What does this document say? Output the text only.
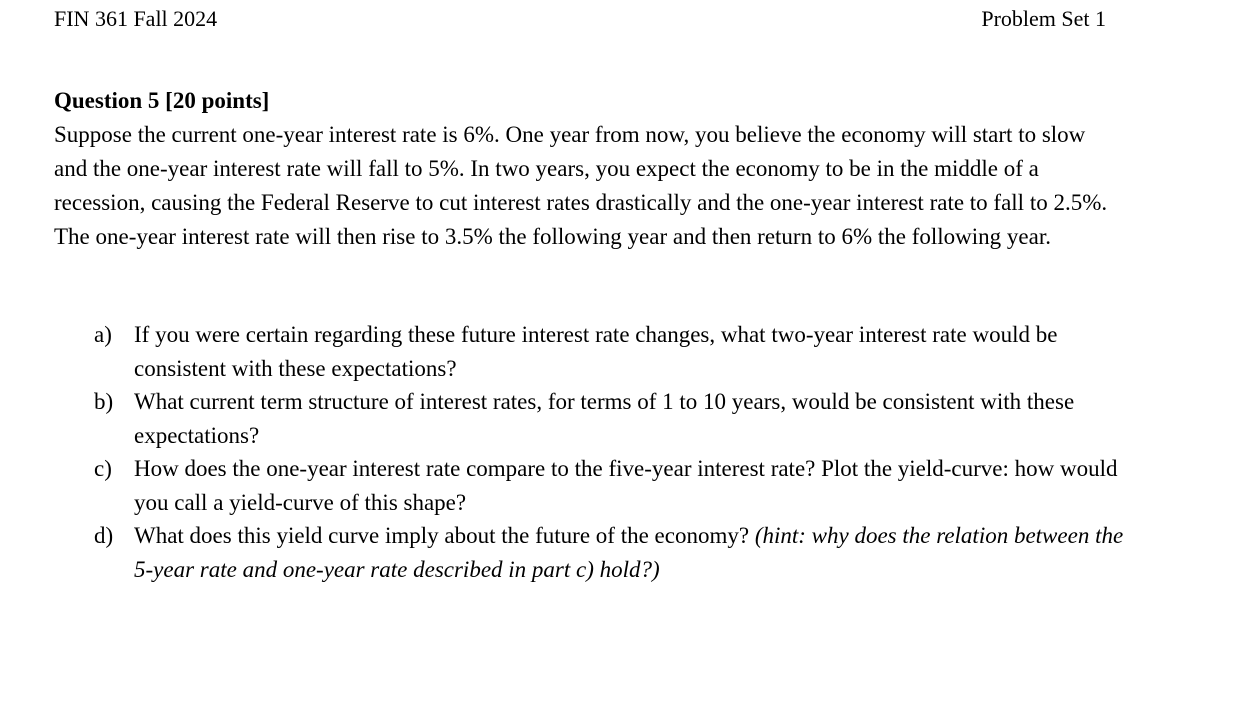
FIN 361 Fall 2024	Problem Set 1
Question 5 [20 points]

Suppose the current one-year interest rate is 6%. One year from now, you believe the economy will start to slow and the one-year interest rate will fall to 5%. In two years, you expect the economy to be in the middle of a recession, causing the Federal Reserve to cut interest rates drastically and the one-year interest rate to fall to 2.5%. The one-year interest rate will then rise to 3.5% the following year and then return to 6% the following year.

a) If you were certain regarding these future interest rate changes, what two-year interest rate would be consistent with these expectations?
b) What current term structure of interest rates, for terms of 1 to 10 years, would be consistent with these expectations?
c) How does the one-year interest rate compare to the five-year interest rate? Plot the yield-curve: how would you call a yield-curve of this shape?
d) What does this yield curve imply about the future of the economy? (hint: why does the relation between the 5-year rate and one-year rate described in part c) hold?)
